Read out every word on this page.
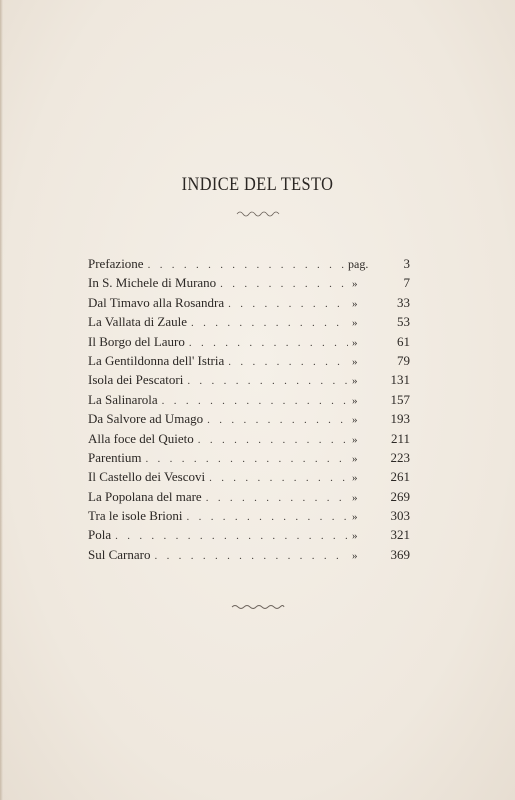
INDICE DEL TESTO
Prefazione . . .	pag.	3
In S. Michele di Murano . . .	»	7
Dal Timavo alla Rosandra . . .	»	33
La Vallata di Zaule . . .	»	53
Il Borgo del Lauro . . .	»	61
La Gentildonna dell' Istria . . .	»	79
Isola dei Pescatori . . .	»	131
La Salinarola . . .	»	157
Da Salvore ad Umago . . .	»	193
Alla foce del Quieto . . .	»	211
Parentium . . .	»	223
Il Castello dei Vescovi . . .	»	261
La Popolana del mare . . .	»	269
Tra le isole Brioni . . .	»	303
Pola . . .	»	321
Sul Carnaro . . .	»	369
